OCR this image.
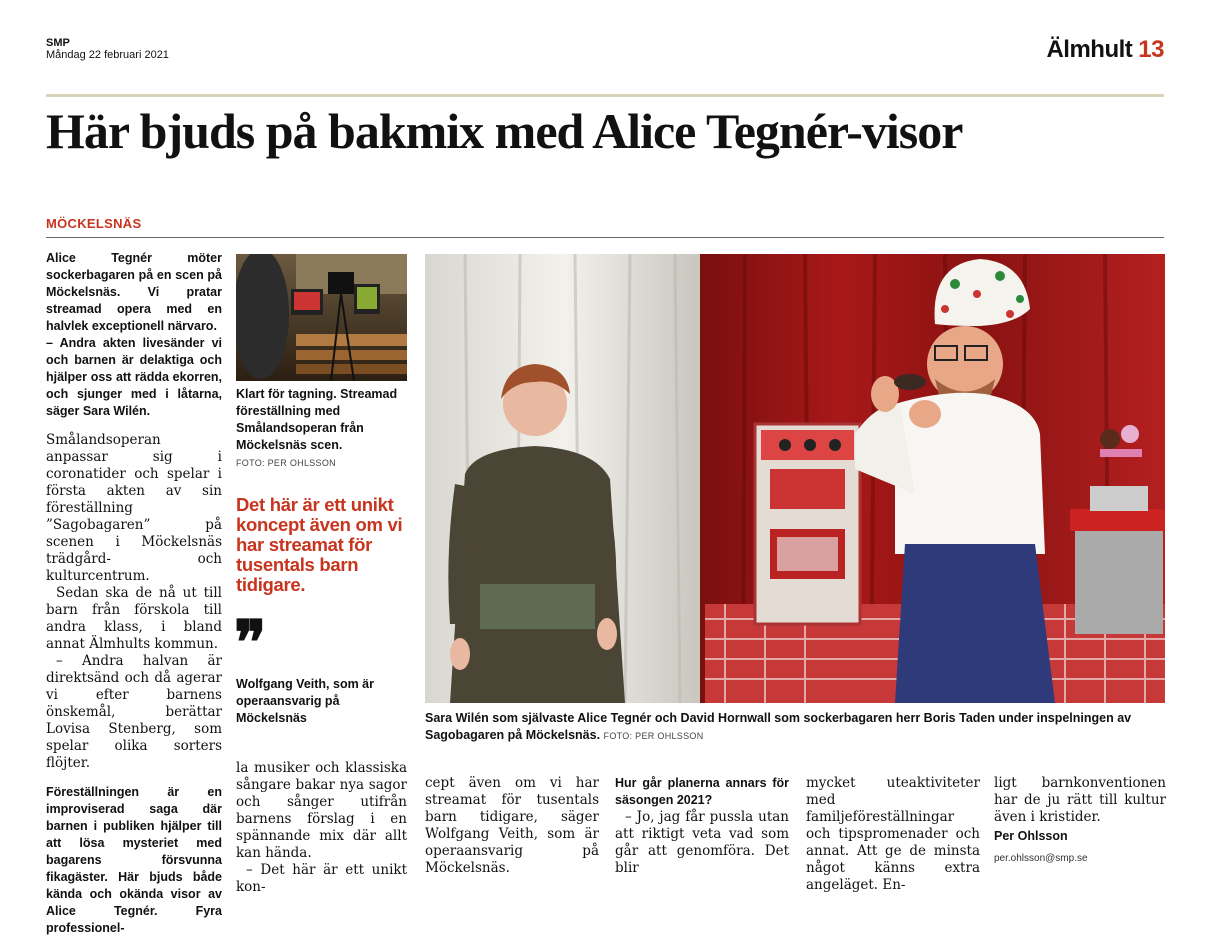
SMP
Måndag 22 februari 2021	Älmhult 13
Här bjuds på bakmix med Alice Tegnér-visor
MÖCKELSNÄS

Alice Tegnér möter sockerbagaren på en scen på Möckelsnäs. Vi pratar streamad opera med en halvlek exceptionell närvaro.

– Andra akten livesänder vi och barnen är delaktiga och hjälper oss att rädda ekorren, och sjunger med i låtarna, säger Sara Wilén.

Smålandsoperan anpassar sig i coronatider och spelar i första akten av sin föreställning ”Sagobagaren” på scenen i Möckelsnäs trädgård- och kulturcentrum.

Sedan ska de nå ut till barn från förskola till andra klass, i bland annat Älmhults kommun.

– Andra halvan är direktsänd och då agerar vi efter barnens önskemål, berättar Lovisa Stenberg, som spelar olika sorters flöjter.

Föreställningen är en improviserad saga där barnen i publiken hjälper till att lösa mysteriet med bagarens försvunna fikagäster. Här bjuds både kända och okända visor av Alice Tegnér. Fyra professionel-

Klart för tagning. Streamad föreställning med Smålandsoperan från Möckelsnäs scen.
FOTO: PER OHLSSON
Det här är ett unikt koncept även om vi har streamat för tusentals barn tidigare.
❞
Wolfgang Veith, som är operaansvarig på Möckelsnäs	Sara Wilén som självaste Alice Tegnér och David Hornwall som sockerbagaren herr Boris Taden under inspelningen av Sagobagaren på Möckelsnäs. FOTO: PER OHLSSON

la musiker och klassiska sångare bakar nya sagor och sånger utifrån barnens förslag i en spännande mix där allt kan hända.

– Det här är ett unikt kon-

cept även om vi har streamat för tusentals barn tidigare, säger Wolfgang Veith, som är operaansvarig på Möckelsnäs.

Hur går planerna annars för säsongen 2021?

– Jo, jag får pussla utan att riktigt veta vad som går att genomföra. Det blir

mycket uteaktiviteter med familjeföreställningar och tipspromenader och annat. Att ge de minsta något känns extra angeläget. En-

ligt barnkonventionen har de ju rätt till kultur även i kristider.

Per Ohlsson
per.ohlsson@smp.se
